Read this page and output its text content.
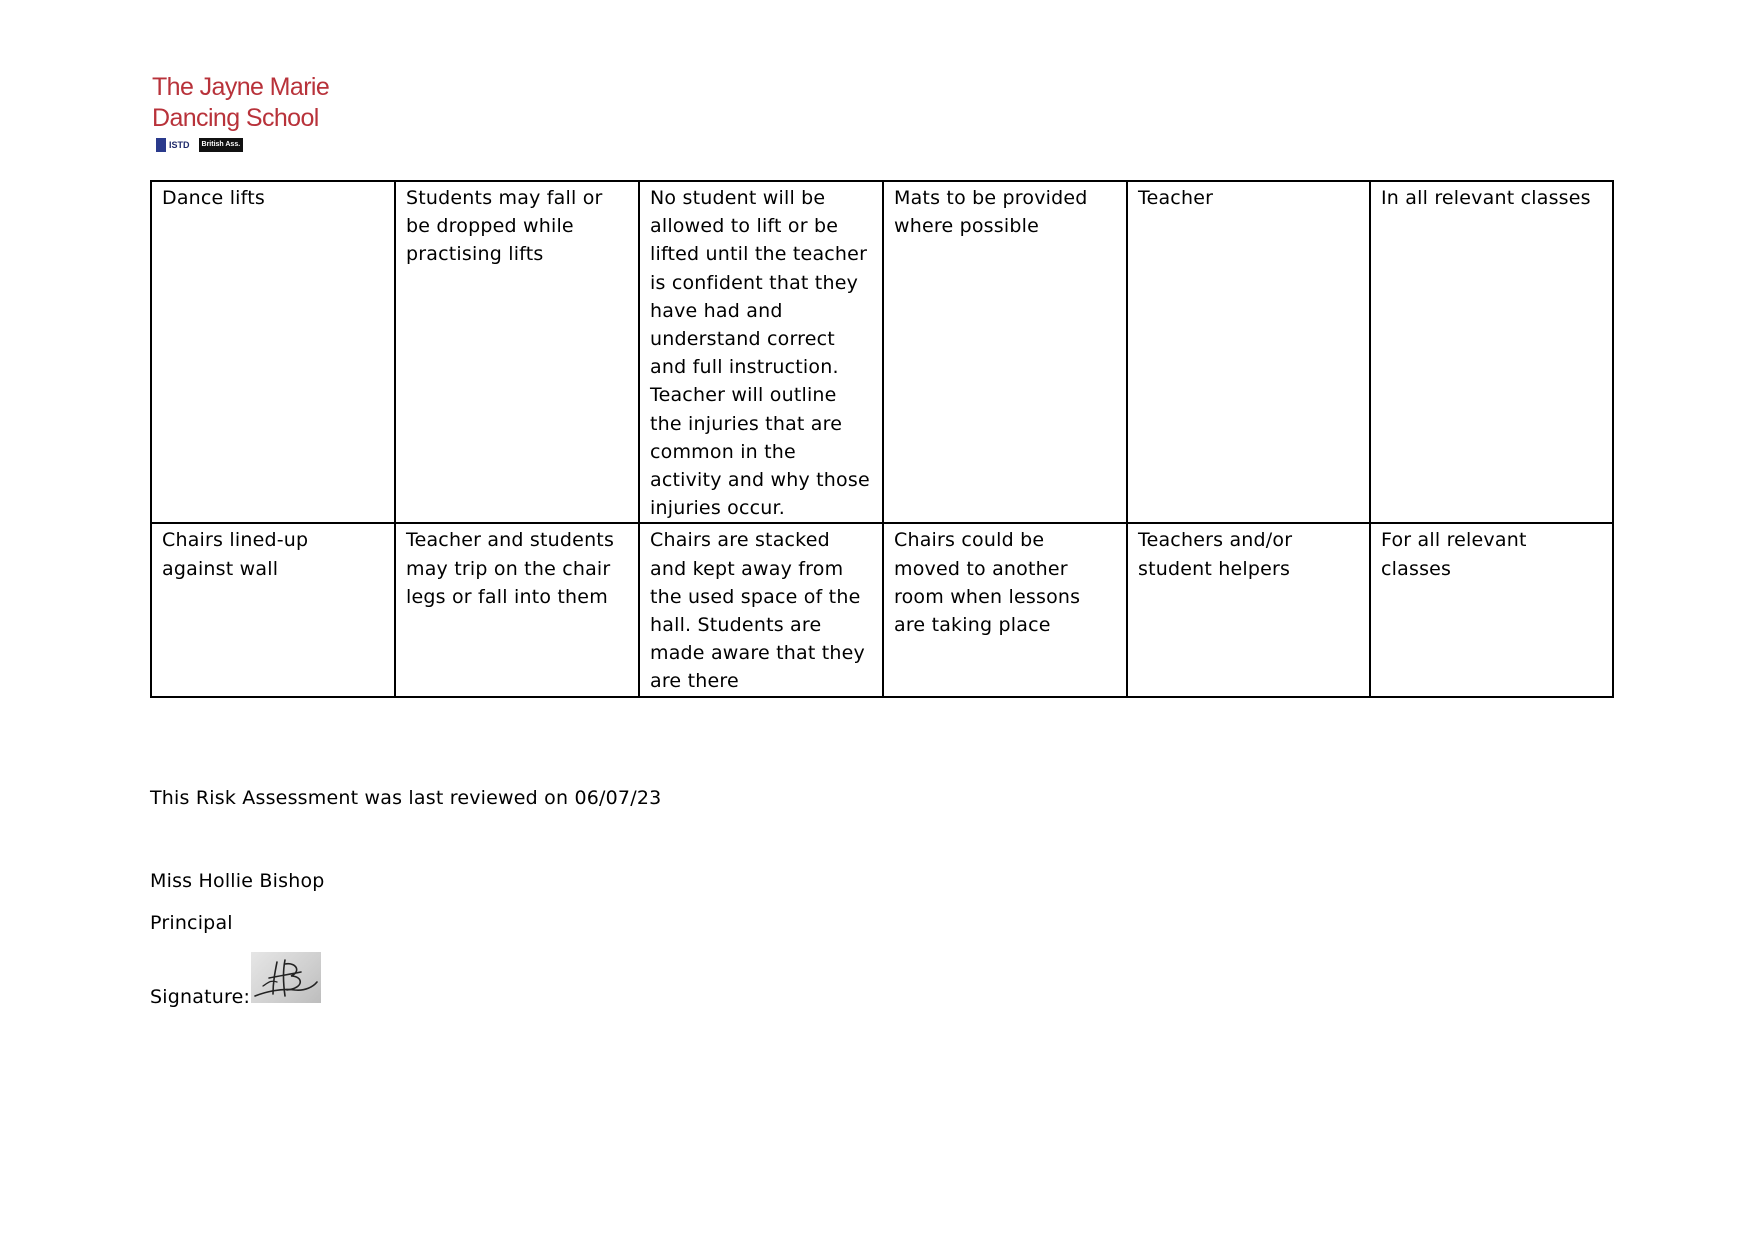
The Jayne Marie
Dancing School
ISTD	British Ass.
Dance lifts	Students may fall or be dropped while practising lifts	No student will be allowed to lift or be lifted until the teacher is confident that they have had and understand correct and full instruction. Teacher will outline the injuries that are common in the activity and why those injuries occur.	Mats to be provided where possible	Teacher	In all relevant classes
Chairs lined-up against wall	Teacher and students may trip on the chair legs or fall into them	Chairs are stacked and kept away from the used space of the hall. Students are made aware that they are there	Chairs could be moved to another room when lessons are taking place	Teachers and/or student helpers	For all relevant classes
This Risk Assessment was last reviewed on 06/07/23
Miss Hollie Bishop
Principal
Signature:
